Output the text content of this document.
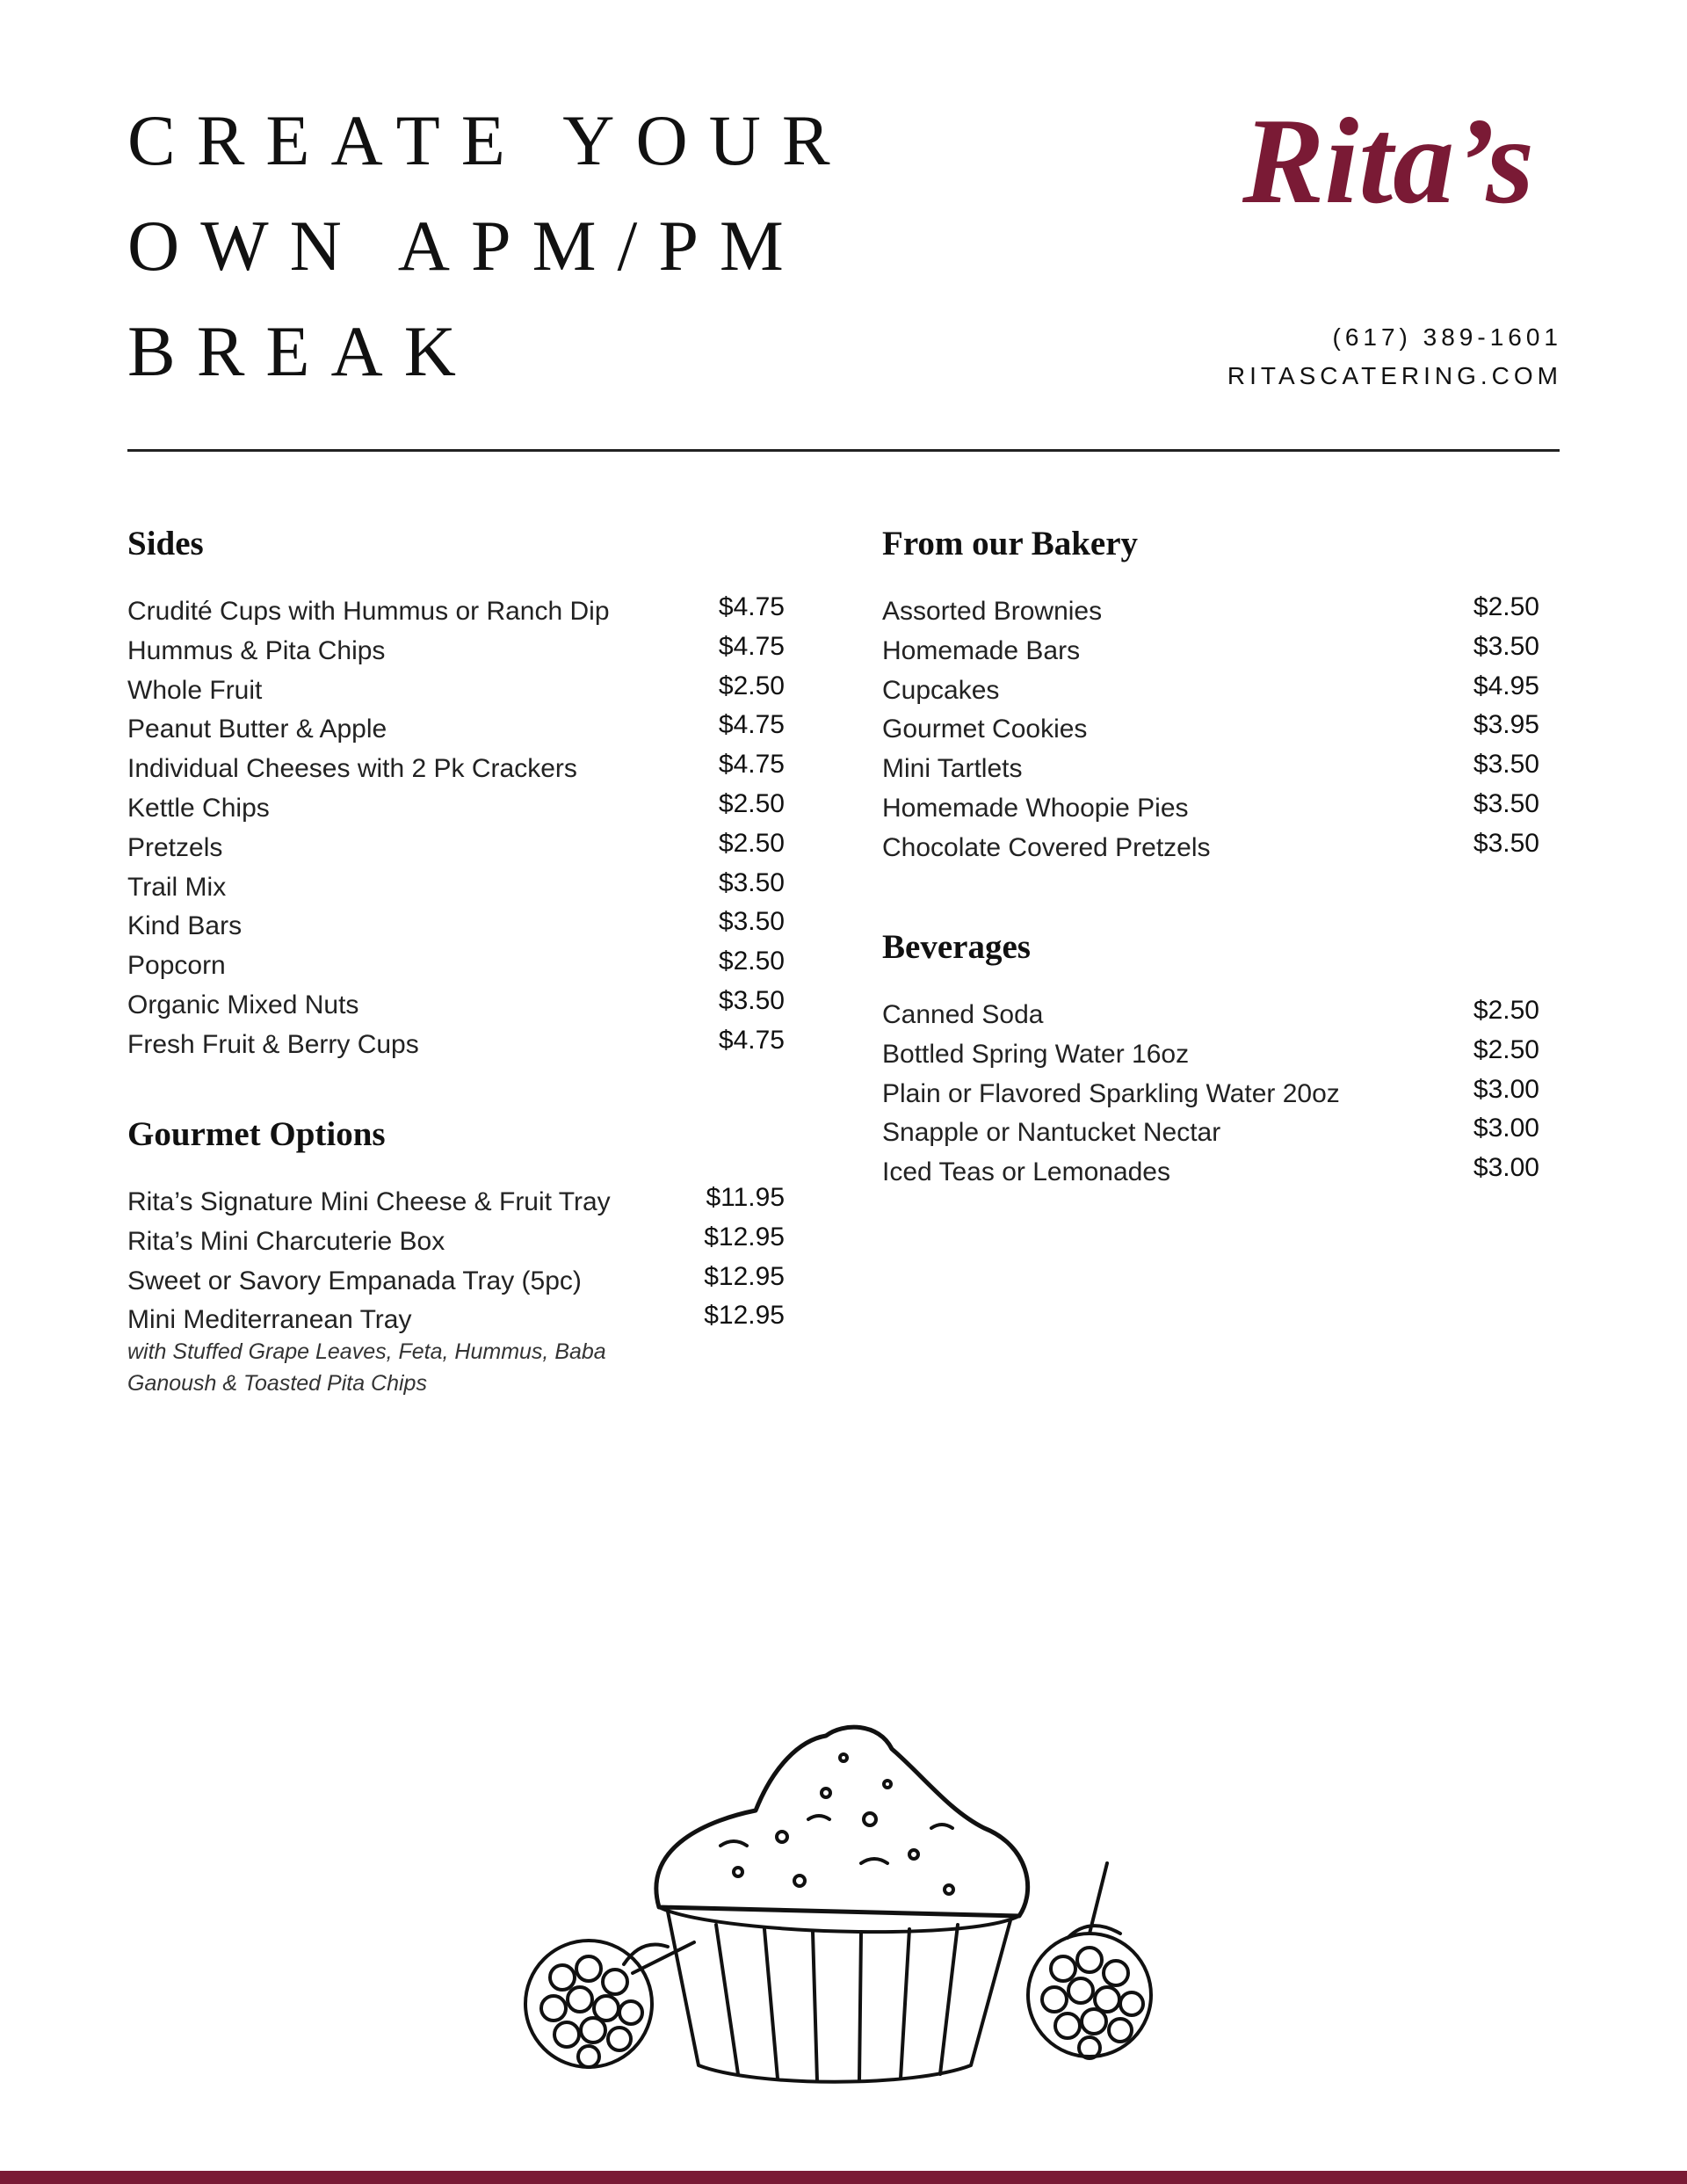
CREATE YOUR
OWN APM/PM
BREAK
Rita’s
(617) 389-1601
RITASCATERING.COM
Sides
Crudité Cups with Hummus or Ranch Dip	$4.75
Hummus & Pita Chips	$4.75
Whole Fruit	$2.50
Peanut Butter & Apple	$4.75
Individual Cheeses with 2 Pk Crackers	$4.75
Kettle Chips	$2.50
Pretzels	$2.50
Trail Mix	$3.50
Kind Bars	$3.50
Popcorn	$2.50
Organic Mixed Nuts	$3.50
Fresh Fruit & Berry Cups	$4.75
Gourmet Options
Rita’s Signature Mini Cheese & Fruit Tray	$11.95
Rita’s Mini Charcuterie Box	$12.95
Sweet or Savory Empanada Tray (5pc)	$12.95
Mini Mediterranean Tray	$12.95
with Stuffed Grape Leaves, Feta, Hummus, Baba Ganoush & Toasted Pita Chips
From our Bakery
Assorted Brownies	$2.50
Homemade Bars	$3.50
Cupcakes	$4.95
Gourmet Cookies	$3.95
Mini Tartlets	$3.50
Homemade Whoopie Pies	$3.50
Chocolate Covered Pretzels	$3.50
Beverages
Canned Soda	$2.50
Bottled Spring Water 16oz	$2.50
Plain or Flavored Sparkling Water 20oz	$3.00
Snapple or Nantucket Nectar	$3.00
Iced Teas or Lemonades	$3.00
